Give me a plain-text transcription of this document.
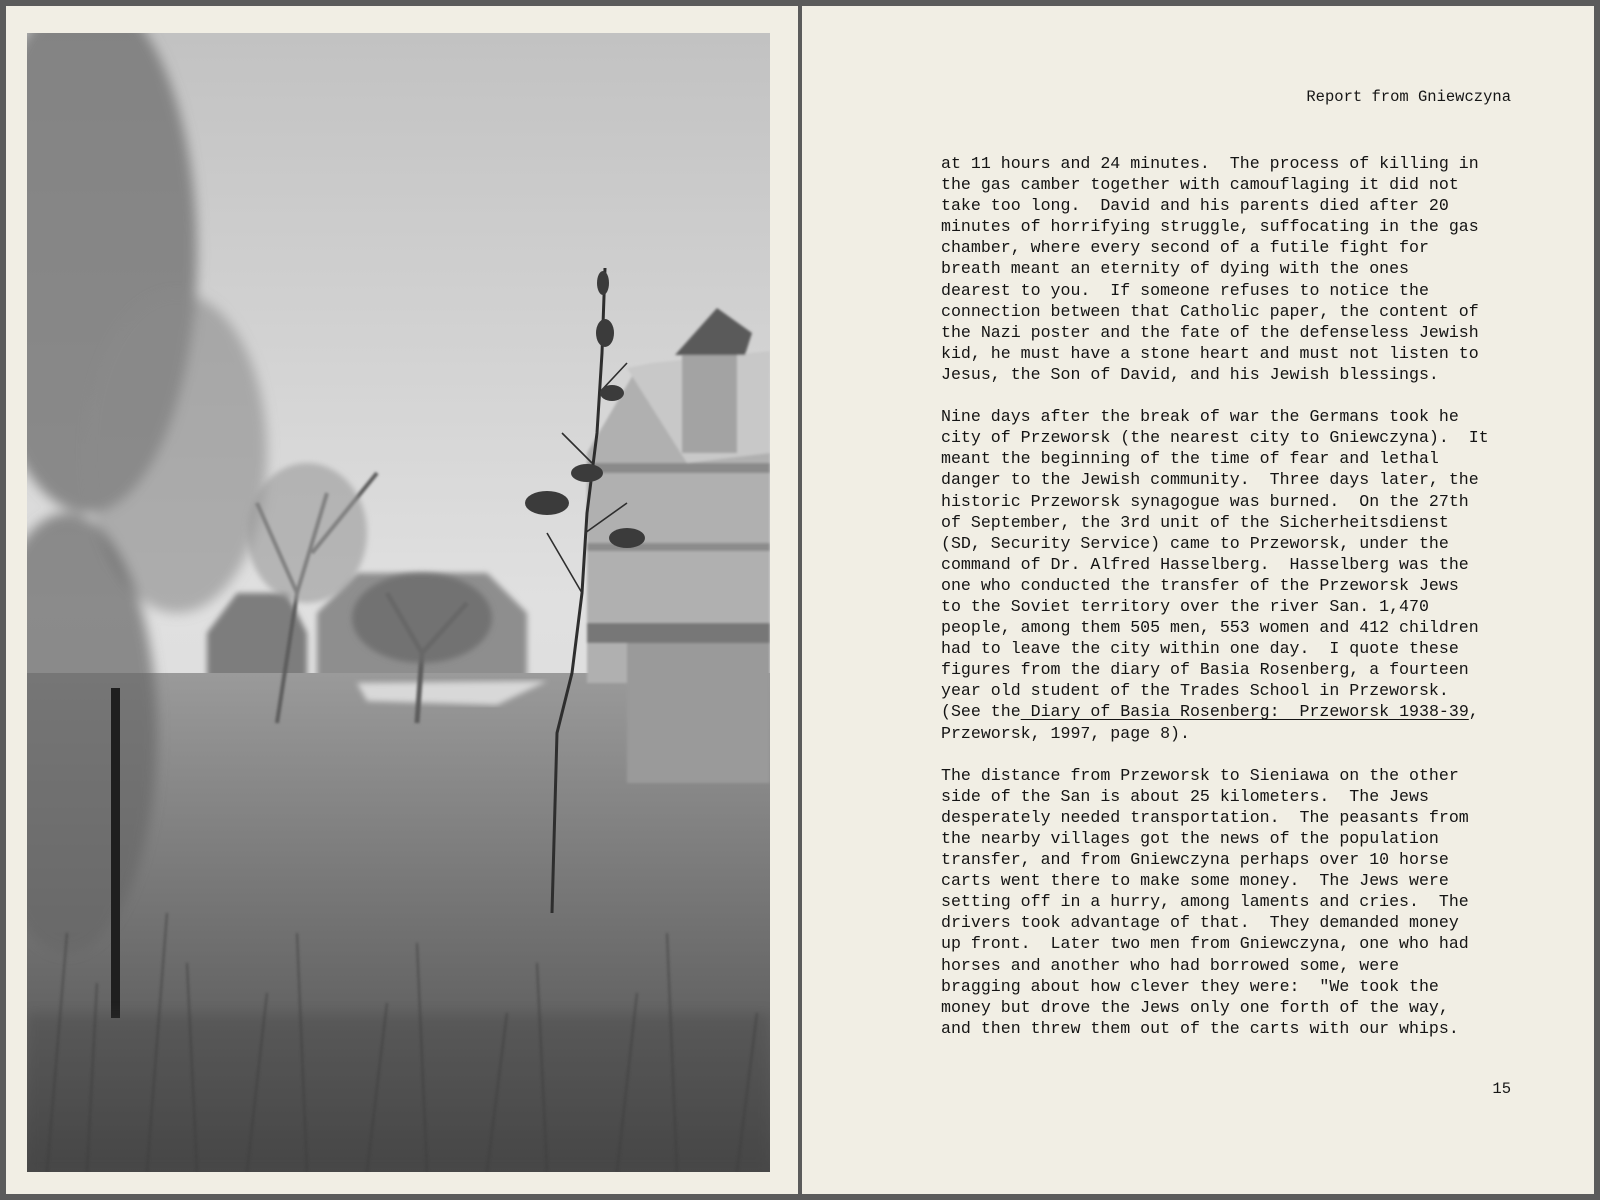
Report from Gniewczyna

at 11 hours and 24 minutes.  The process of killing in
the gas camber together with camouflaging it did not
take too long.  David and his parents died after 20
minutes of horrifying struggle, suffocating in the gas
chamber, where every second of a futile fight for
breath meant an eternity of dying with the ones
dearest to you.  If someone refuses to notice the
connection between that Catholic paper, the content of
the Nazi poster and the fate of the defenseless Jewish
kid, he must have a stone heart and must not listen to
Jesus, the Son of David, and his Jewish blessings.

Nine days after the break of war the Germans took he
city of Przeworsk (the nearest city to Gniewczyna).  It
meant the beginning of the time of fear and lethal
danger to the Jewish community.  Three days later, the
historic Przeworsk synagogue was burned.  On the 27th
of September, the 3rd unit of the Sicherheitsdienst
(SD, Security Service) came to Przeworsk, under the
command of Dr. Alfred Hasselberg.  Hasselberg was the
one who conducted the transfer of the Przeworsk Jews
to the Soviet territory over the river San. 1,470
people, among them 505 men, 553 women and 412 children
had to leave the city within one day.  I quote these
figures from the diary of Basia Rosenberg, a fourteen
year old student of the Trades School in Przeworsk.
(See the Diary of Basia Rosenberg:  Przeworsk 1938-39,
Przeworsk, 1997, page 8).

The distance from Przeworsk to Sieniawa on the other
side of the San is about 25 kilometers.  The Jews
desperately needed transportation.  The peasants from
the nearby villages got the news of the population
transfer, and from Gniewczyna perhaps over 10 horse
carts went there to make some money.  The Jews were
setting off in a hurry, among laments and cries.  The
drivers took advantage of that.  They demanded money
up front.  Later two men from Gniewczyna, one who had
horses and another who had borrowed some, were
bragging about how clever they were:  "We took the
money but drove the Jews only one forth of the way,
and then threw them out of the carts with our whips.

15
